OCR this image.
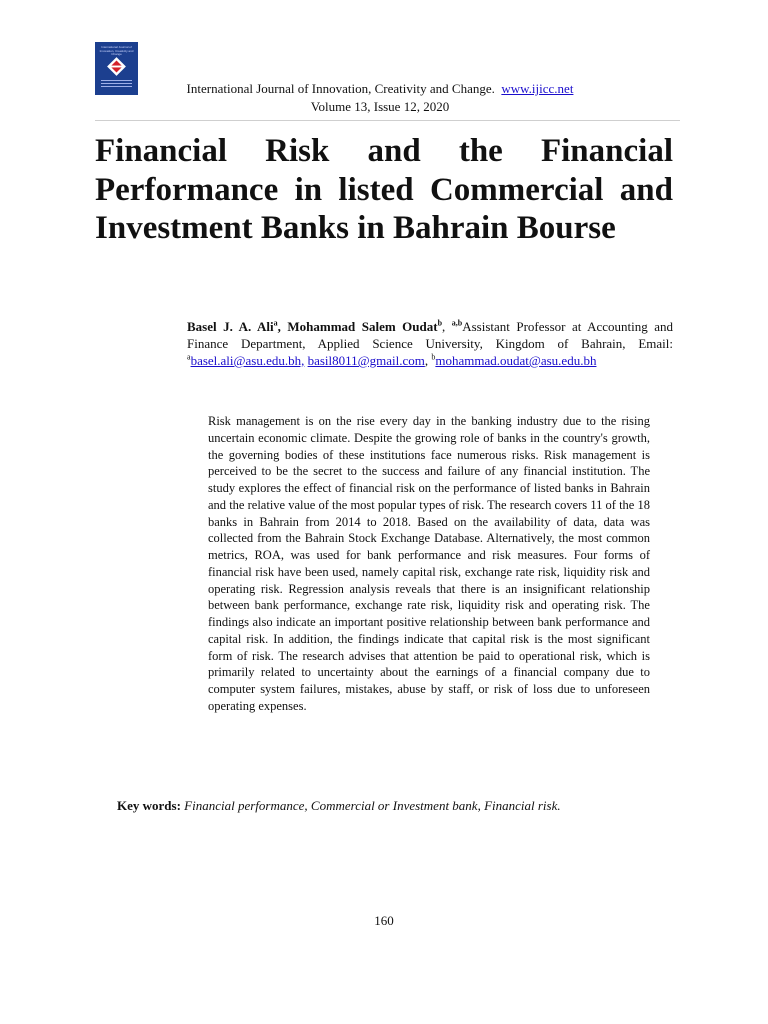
International Journal of Innovation, Creativity and Change
International Journal of Innovation, Creativity and Change. www.ijicc.net
Volume 13, Issue 12, 2020
Financial Risk and the Financial Performance in listed Commercial and Investment Banks in Bahrain Bourse
Basel J. A. Ali$^a$, Mohammad Salem Oudat$^b$, $^{a,b}$Assistant Professor at Accounting and Finance Department, Applied Science University, Kingdom of Bahrain, Email: $^a$basel.ali@asu.edu.bh, basil8011@gmail.com, $^b$mohammad.oudat@asu.edu.bh

Risk management is on the rise every day in the banking industry due to the rising uncertain economic climate. Despite the growing role of banks in the country's growth, the governing bodies of these institutions face numerous risks. Risk management is perceived to be the secret to the success and failure of any financial institution. The study explores the effect of financial risk on the performance of listed banks in Bahrain and the relative value of the most popular types of risk. The research covers 11 of the 18 banks in Bahrain from 2014 to 2018. Based on the availability of data, data was collected from the Bahrain Stock Exchange Database. Alternatively, the most common metrics, ROA, was used for bank performance and risk measures. Four forms of financial risk have been used, namely capital risk, exchange rate risk, liquidity risk and operating risk. Regression analysis reveals that there is an insignificant relationship between bank performance, exchange rate risk, liquidity risk and operating risk. The findings also indicate an important positive relationship between bank performance and capital risk. In addition, the findings indicate that capital risk is the most significant form of risk. The research advises that attention be paid to operational risk, which is primarily related to uncertainty about the earnings of a financial company due to computer system failures, mistakes, abuse by staff, or risk of loss due to unforeseen operating expenses.

Key words: Financial performance, Commercial or Investment bank, Financial risk.
160
